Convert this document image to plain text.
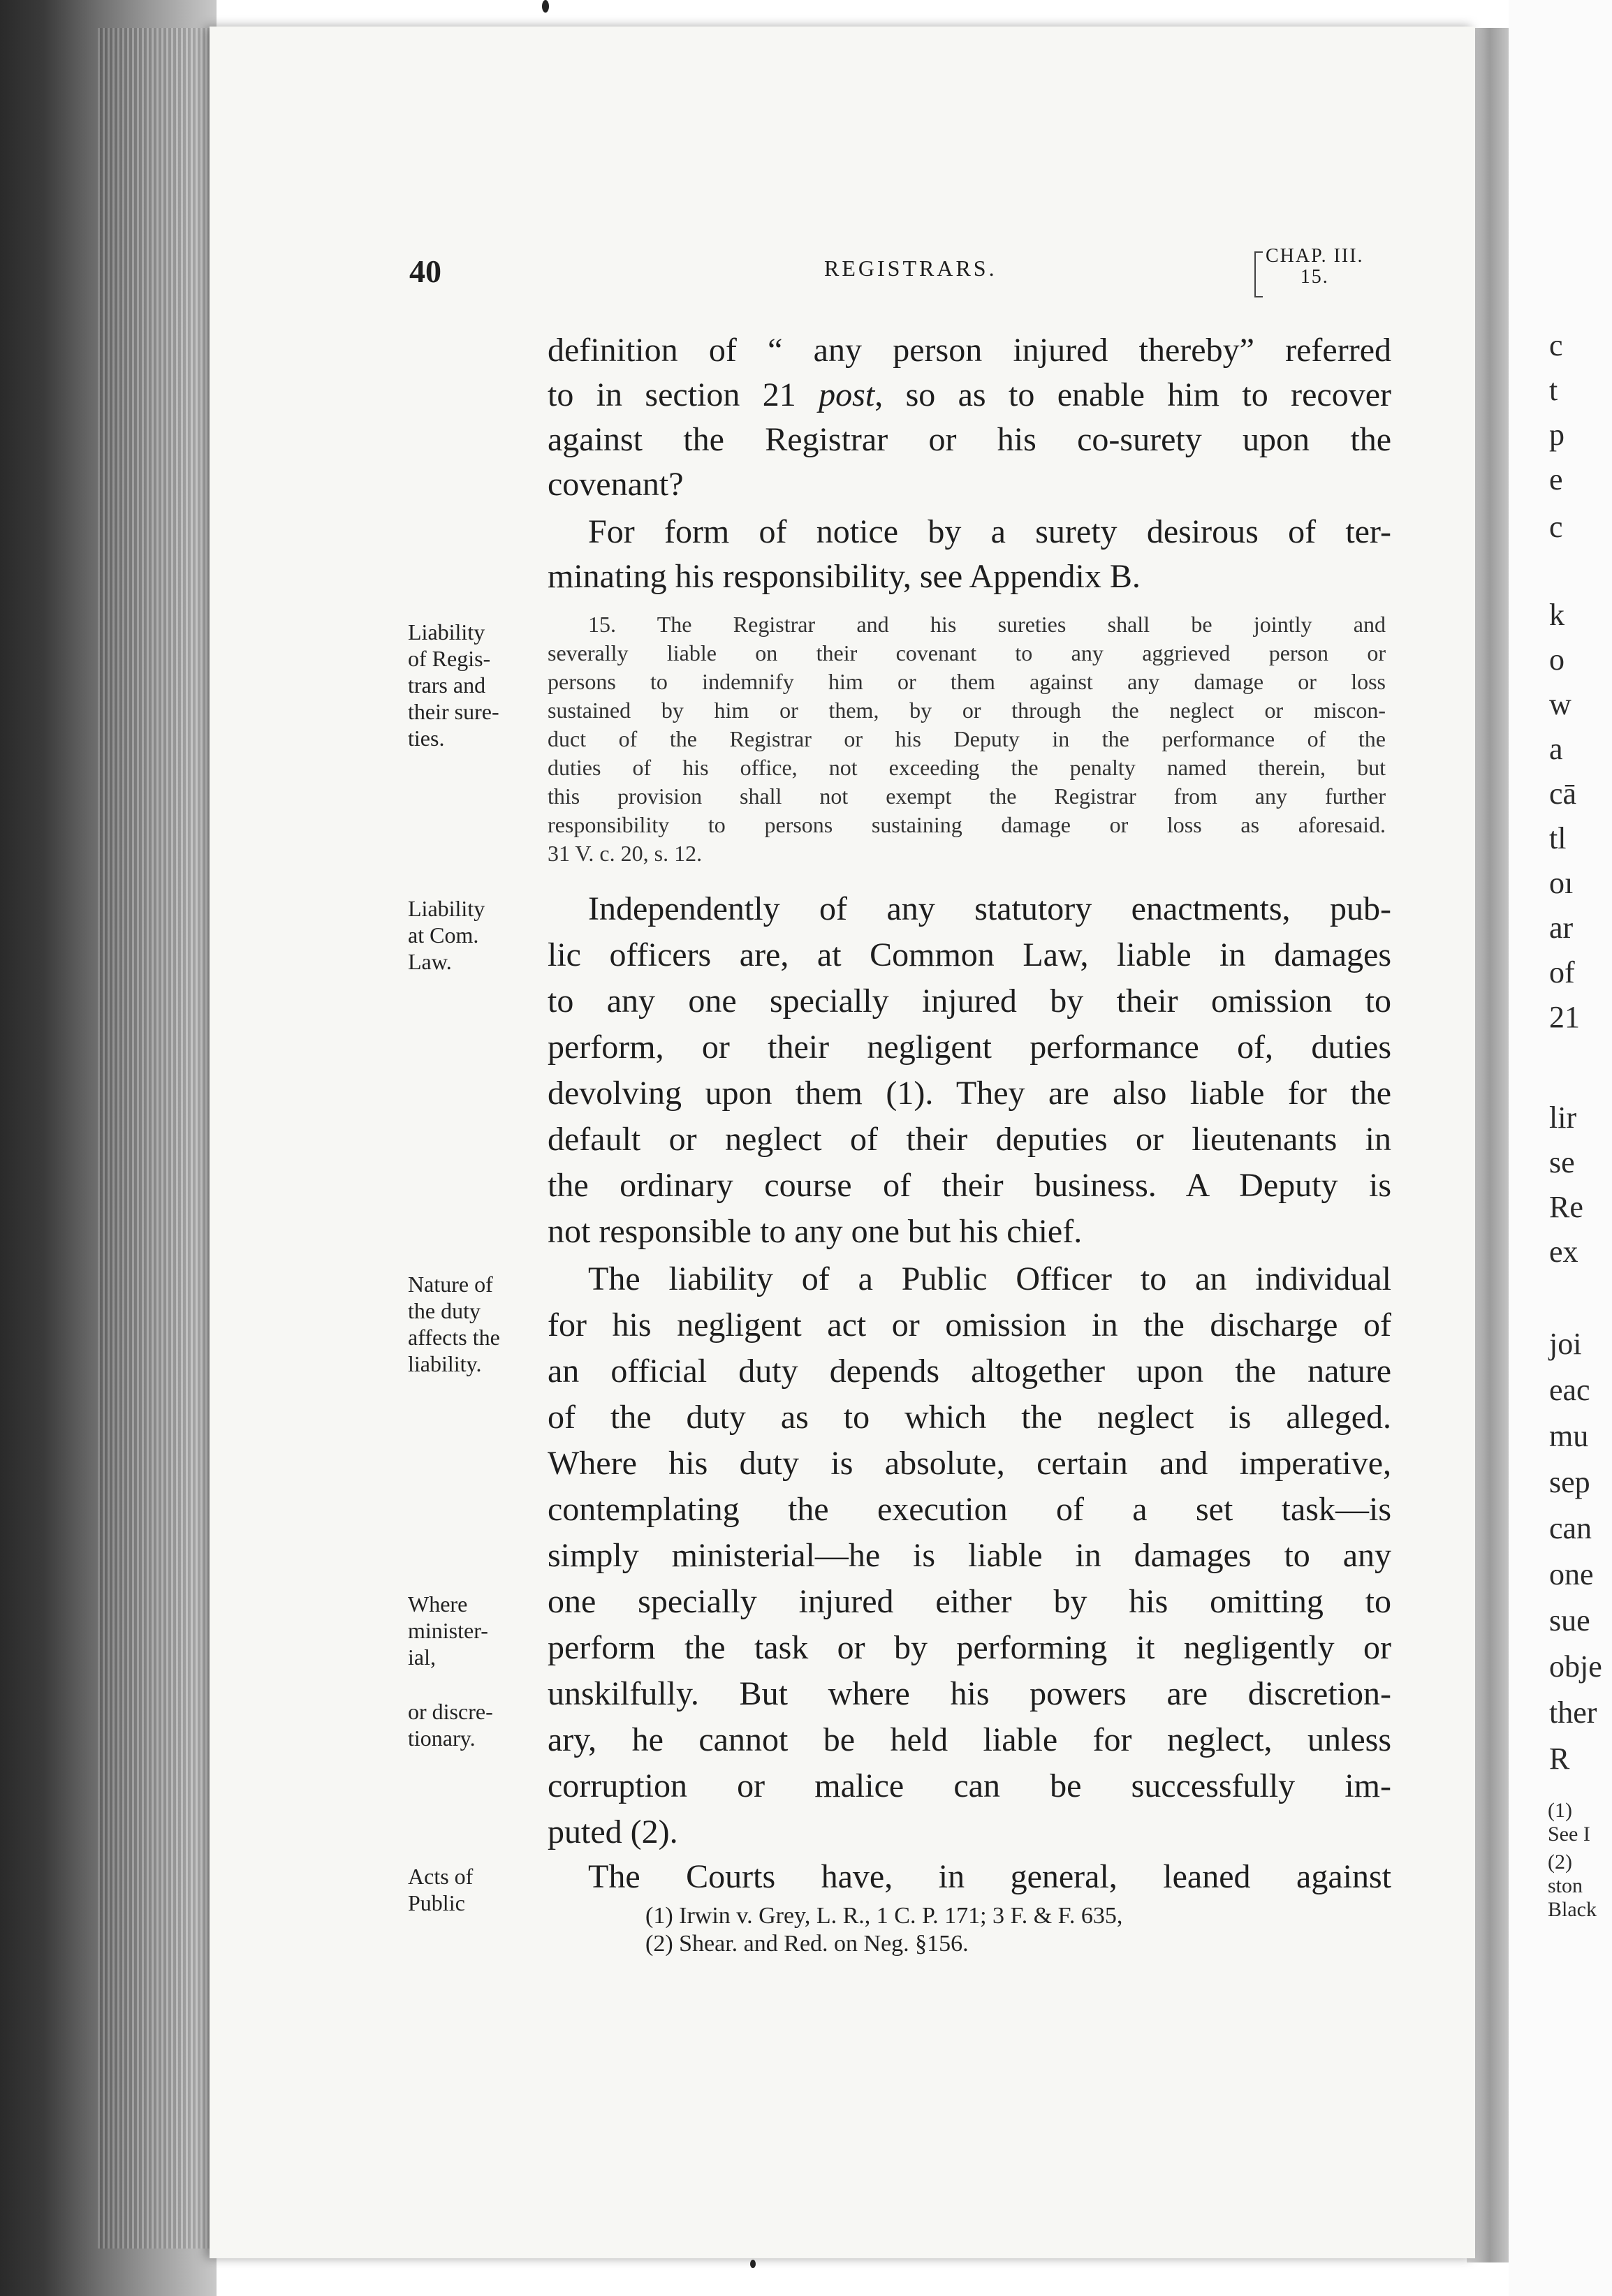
c
t
p
e
c
k
o
w
a
cā
tl
oı
ar
of
21
lir
se
Re
ex
joi
eaс
mu
sep
can
one
sue
objе
ther
R
(1)
See I
(2)
ston
Black
40	REGISTRARS.	CHAP. III.
15.
definition of “ any person injured thereby” referred
to in section 21 post, so as to enable him to recover
against the Registrar or his co-surety upon the
covenant?
For form of notice by a surety desirous of ter-
minating his responsibility, see Appendix B.
15. The Registrar and his sureties shall be jointly and
severally liable on their covenant to any aggrieved person or
persons to indemnify him or them against any damage or loss
sustained by him or them, by or through the neglect or miscon-
duct of the Registrar or his Deputy in the performance of the
duties of his office, not exceeding the penalty named therein, but
this provision shall not exempt the Registrar from any further
responsibility to persons sustaining damage or loss as aforesaid.
31 V. c. 20, s. 12.
Independently of any statutory enactments, pub-
lic officers are, at Common Law, liable in damages
to any one specially injured by their omission to
perform, or their negligent performance of, duties
devolving upon them (1). They are also liable for the
default or neglect of their deputies or lieutenants in
the ordinary course of their business. A Deputy is
not responsible to any one but his chief.
The liability of a Public Officer to an individual
for his negligent act or omission in the discharge of
an official duty depends altogether upon the nature
of the duty as to which the neglect is alleged.
Where his duty is absolute, certain and imperative,
contemplating the execution of a set task—is
simply ministerial—he is liable in damages to any
one specially injured either by his omitting to
perform the task or by performing it negligently or
unskilfully. But where his powers are discretion-
ary, he cannot be held liable for neglect, unless
corruption or malice can be successfully im-
puted (2).
The Courts have, in general, leaned against
(1) Irwin v. Grey, L. R., 1 C. P. 171; 3 F. & F. 635,
(2) Shear. and Red. on Neg. §156.
Liability
of Regis-
trars and
their sure-
ties.
Liability
at Com.
Law.
Nature of
the duty
affects the
liability.
Where
minister-
ial,
or discre-
tionary.
Acts of
Public
